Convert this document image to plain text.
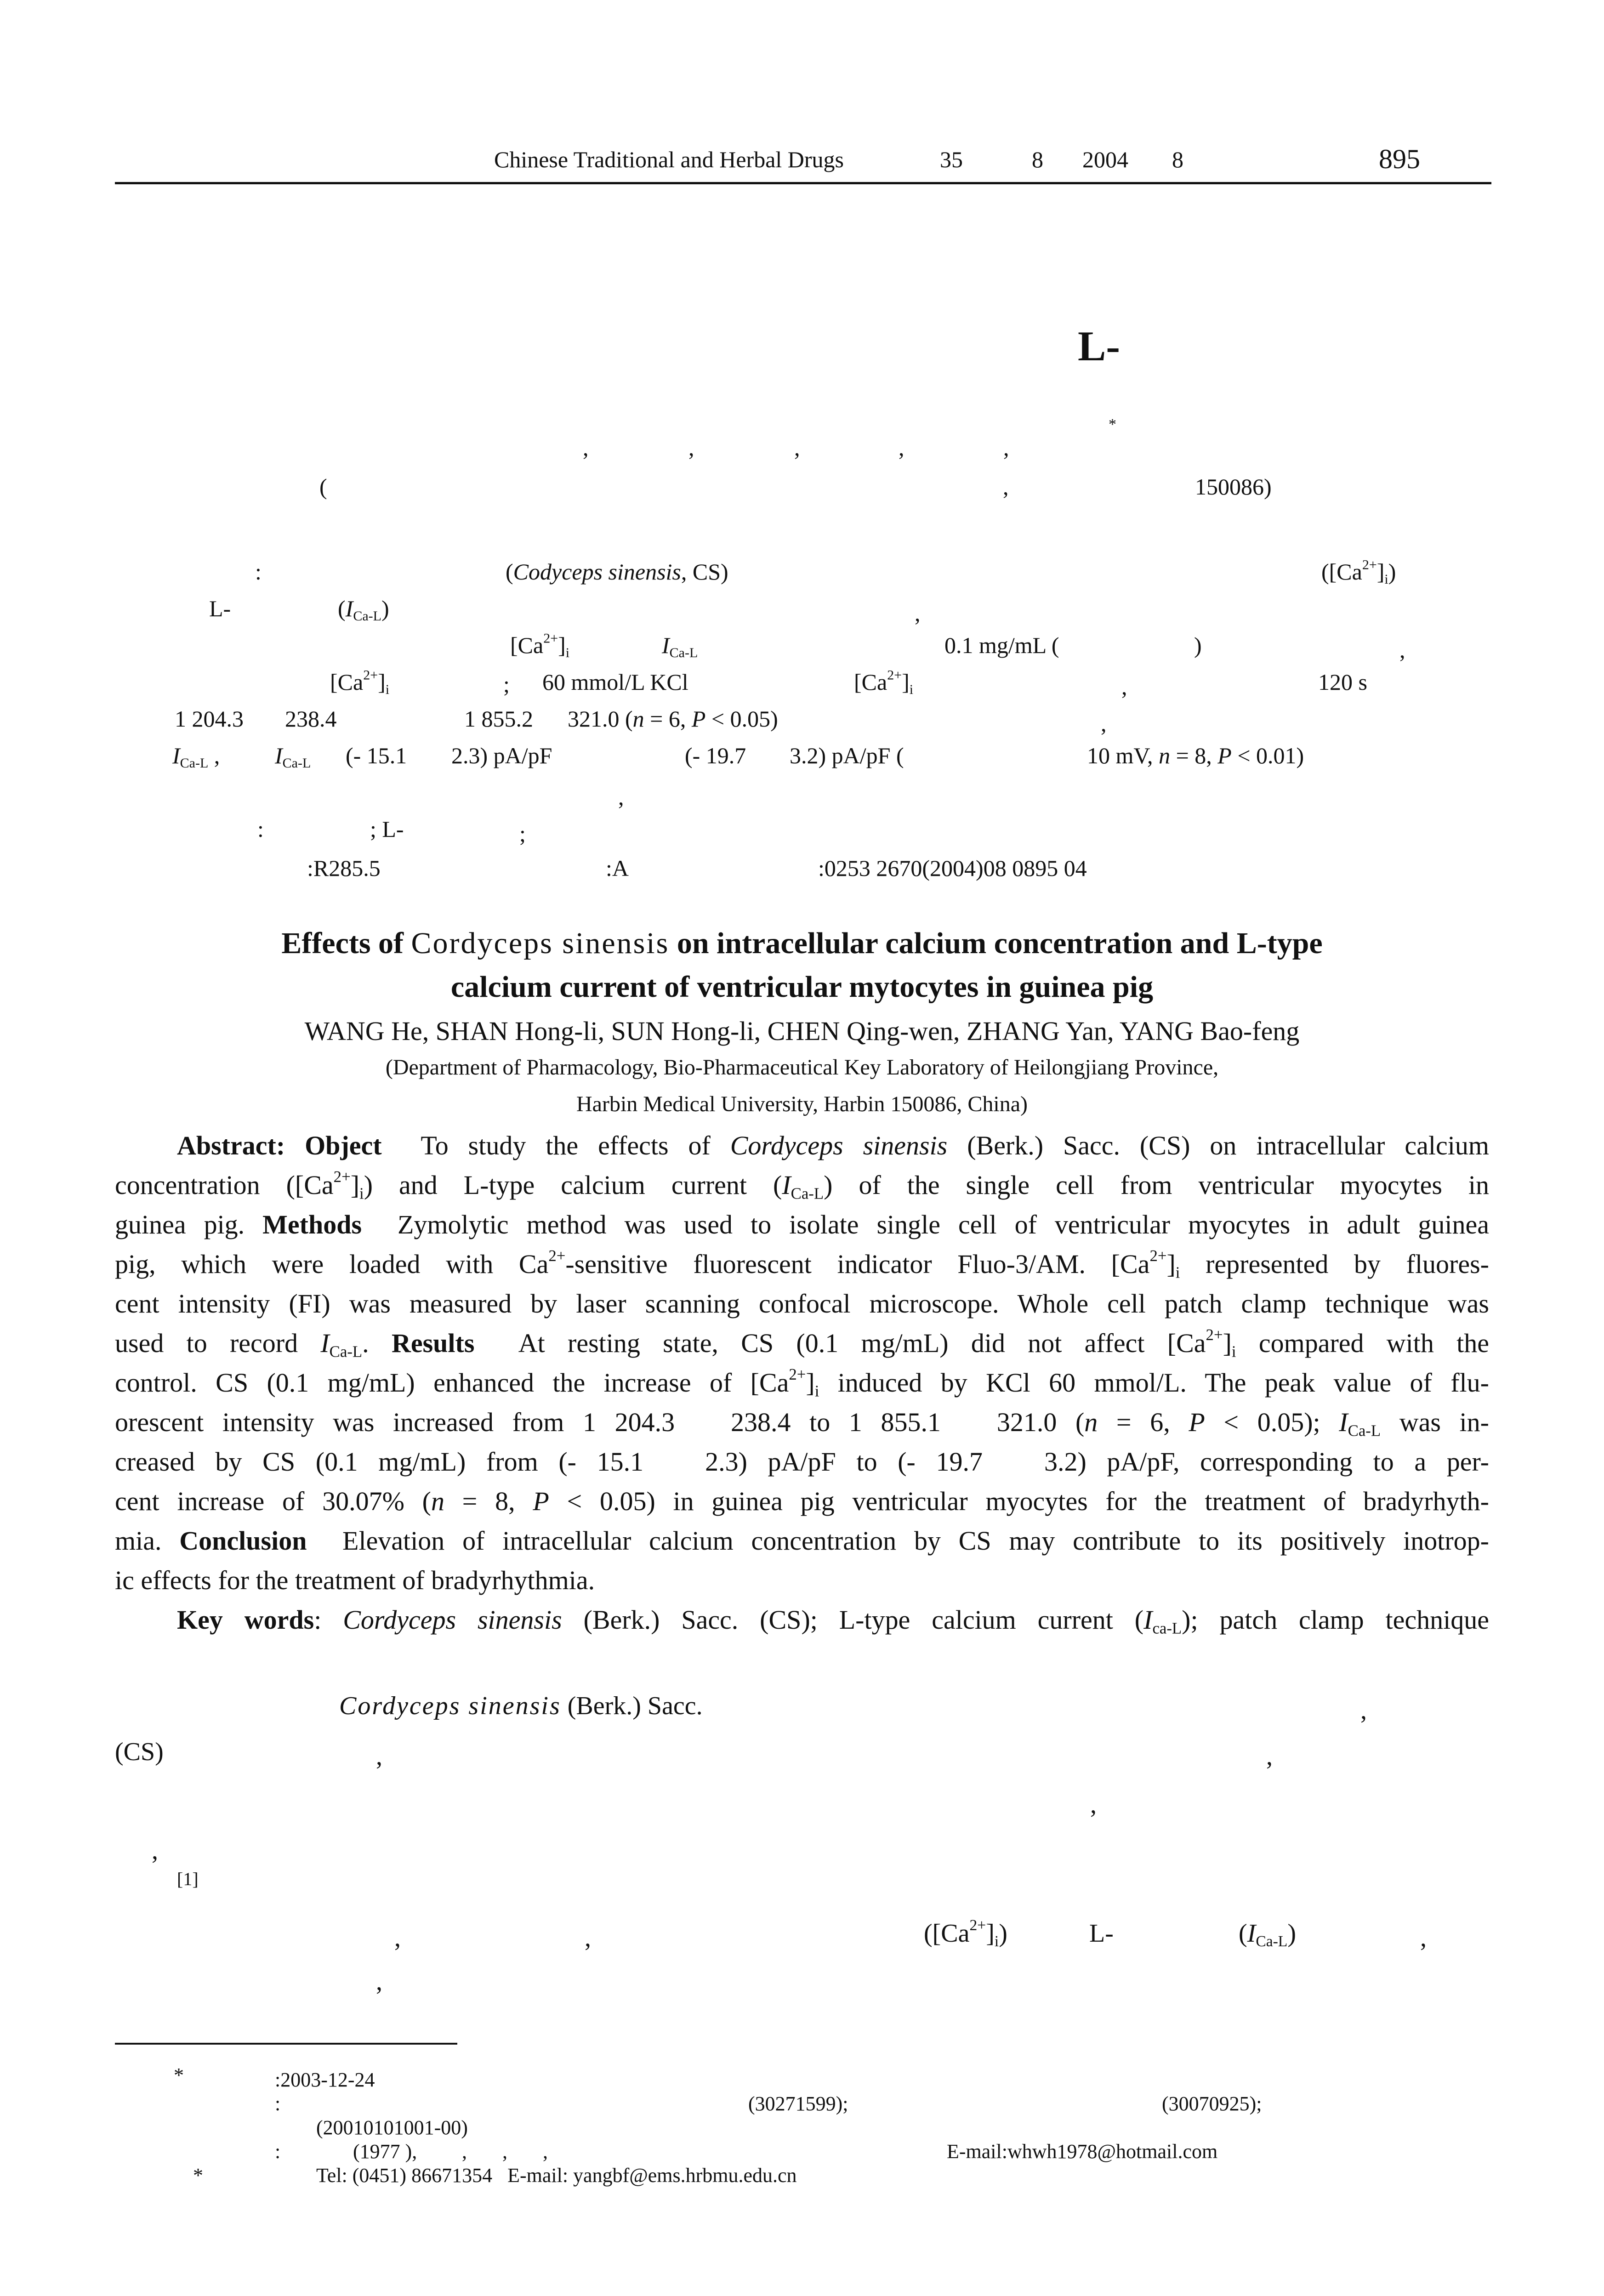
Chinese Traditional and Herbal Drugs	35	8 2004 8	895
L-
*
,	,	,	,	,
(	,	150086)
:	(Codyceps sinensis, CS)	$([Ca^{2+}]_i)$
L-	$(I_{Ca-L})$	,
$[Ca^{2+}]_i$	$I_{Ca-L}$	0.1 mg/mL (	)	,
$[Ca^{2+}]_i$	; 60 mmol/L KCl	$[Ca^{2+}]_i$	,	120 s
1 204.3 238.4	1 855.2 321.0 (n = 6, P < 0.05)	,
$I_{Ca-L}$ , $I_{Ca-L}$ (- 15.1 2.3) pA/pF	(- 19.7 3.2) pA/pF (	10 mV, n = 8, P < 0.01)
,
:	; L-	;
:R285.5	:A	:0253 2670(2004)08 0895 04
Effects of Cordyceps sinensis on intracellular calcium concentration and L-type
calcium current of ventricular mytocytes in guinea pig
WANG He, SHAN Hong-li, SUN Hong-li, CHEN Qing-wen, ZHANG Yan, YANG Bao-feng
(Department of Pharmacology, Bio-Pharmaceutical Key Laboratory of Heilongjiang Province,
Harbin Medical University, Harbin 150086, China)
Abstract: Object  To study the effects of Cordyceps sinensis (Berk.) Sacc. (CS) on intracellular calcium
concentration $([Ca^{2+}]_i)$ and L-type calcium current $(I_{Ca-L})$ of the single cell from ventricular myocytes in
guinea pig. Methods  Zymolytic method was used to isolate single cell of ventricular myocytes in adult guinea
pig, which were loaded with $Ca^{2+}$-sensitive fluorescent indicator Fluo-3/AM. $[Ca^{2+}]_i$ represented by fluores-
cent intensity (FI) was measured by laser scanning confocal microscope. Whole cell patch clamp technique was
used to record $I_{Ca-L}$. Results  At resting state, CS (0.1 mg/mL) did not affect $[Ca^{2+}]_i$ compared with the
control. CS (0.1 mg/mL) enhanced the increase of $[Ca^{2+}]_i$ induced by KCl 60 mmol/L. The peak value of flu-
orescent intensity was increased from 1 204.3   238.4 to 1 855.1   321.0 (n = 6, P < 0.05); $I_{Ca-L}$ was in-
creased by CS (0.1 mg/mL) from (- 15.1   2.3) pA/pF to (- 19.7   3.2) pA/pF, corresponding to a per-
cent increase of 30.07% (n = 8, P < 0.05) in guinea pig ventricular myocytes for the treatment of bradyrhyth-
mia. Conclusion  Elevation of intracellular calcium concentration by CS may contribute to its positively inotrop-
ic effects for the treatment of bradyrhythmia.
Key words: Cordyceps sinensis (Berk.) Sacc. (CS); L-type calcium current $(I_{ca-L})$; patch clamp technique
Cordyceps sinensis (Berk.) Sacc.	,
(CS)	,	,
,
,
[1]
,	,	$([Ca^{2+}]_i)$	L-	$(I_{Ca-L})$	,
,
*	:2003-12-24
:	(30271599);	(30070925);
(20010101001-00)
:	(1977 ), ,       ,       ,	E-mail:whwh1978@hotmail.com
*	Tel: (0451) 86671354   E-mail: yangbf@ems.hrbmu.edu.cn
